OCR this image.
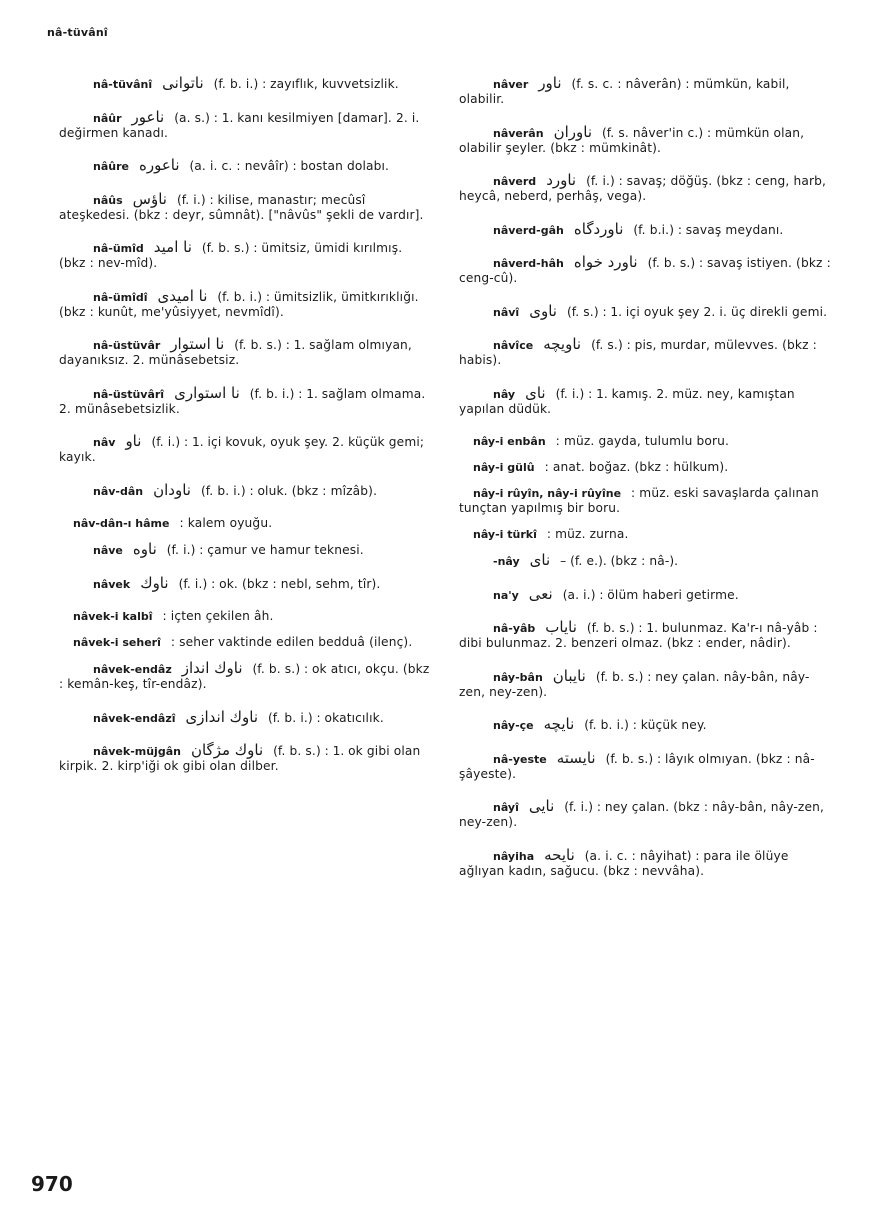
nâ-tüvânî
nâ-tüvânî ناتوانی (f. b. i.) : zayıflık, kuvvetsizlik.
nâûr ناعور (a. s.) : 1. kanı kesilmiyen [damar]. 2. i. değirmen kanadı.
nâûre ناعوره (a. i. c. : nevâîr) : bostan dolabı.
nâûs ناؤس (f. i.) : kilise, manastır; mecûsî ateşkedesi. (bkz : deyr, sûmnât). ["nâvûs" şekli de vardır].
nâ-ümîd نا امید (f. b. s.) : ümitsiz, ümidi kırılmış. (bkz : nev-mîd).
nâ-ümîdî نا امیدی (f. b. i.) : ümitsizlik, ümitkırıklığı. (bkz : kunût, me'yûsiyyet, nevmîdî).
nâ-üstüvâr نا استوار (f. b. s.) : 1. sağlam olmıyan, dayanıksız. 2. münâsebetsiz.
nâ-üstüvârî نا استواری (f. b. i.) : 1. sağlam olmama. 2. münâsebetsizlik.
nâv ناو (f. i.) : 1. içi kovuk, oyuk şey. 2. küçük gemi; kayık.
nâv-dân ناودان (f. b. i.) : oluk. (bkz : mîzâb).
nâv-dân-ı hâme : kalem oyuğu.
nâve ناوه (f. i.) : çamur ve hamur teknesi.
nâvek ناوك (f. i.) : ok. (bkz : nebl, sehm, tîr).
nâvek-i kalbî : içten çekilen âh.
nâvek-i seherî : seher vaktinde edilen bedduâ (ilenç).
nâvek-endâz ناوك انداز (f. b. s.) : ok atıcı, okçu. (bkz : kemân-keş, tîr-endâz).
nâvek-endâzî ناوك اندازی (f. b. i.) : okatıcılık.
nâvek-müjgân ناوك مژگان (f. b. s.) : 1. ok gibi olan kirpik. 2. kirp'iği ok gibi olan dilber.
nâver ناور (f. s. c. : nâverân) : mümkün, kabil, olabilir.
nâverân ناوران (f. s. nâver'in c.) : mümkün olan, olabilir şeyler. (bkz : mümkinât).
nâverd ناورد (f. i.) : savaş; döğüş. (bkz : ceng, harb, heycâ, neberd, perhâş, vega).
nâverd-gâh ناوردگاه (f. b.i.) : savaş meydanı.
nâverd-hâh ناورد خواه (f. b. s.) : savaş istiyen. (bkz : ceng-cû).
nâvî ناوی (f. s.) : 1. içi oyuk şey 2. i. üç direkli gemi.
nâvîce ناویچه (f. s.) : pis, murdar, mülevves. (bkz : habis).
nây نای (f. i.) : 1. kamış. 2. müz. ney, kamıştan yapılan düdük.
nây-i enbân : müz. gayda, tulumlu boru.
nây-i gülû : anat. boğaz. (bkz : hülkum).
nây-i rûyîn, nây-i rûyîne : müz. eski savaşlarda çalınan tunçtan yapılmış bir boru.
nây-i türkî : müz. zurna.
-nây نای – (f. e.). (bkz : nâ-).
na'y نعی (a. i.) : ölüm haberi getirme.
nâ-yâb نایاب (f. b. s.) : 1. bulunmaz. Ka'r-ı nâ-yâb : dibi bulunmaz. 2. benzeri olmaz. (bkz : ender, nâdir).
nây-bân نایبان (f. b. s.) : ney çalan. nây-bân, nây-zen, ney-zen).
nây-çe نایچه (f. b. i.) : küçük ney.
nâ-yeste نایسته (f. b. s.) : lâyık olmıyan. (bkz : nâ-şâyeste).
nâyî نایی (f. i.) : ney çalan. (bkz : nây-bân, nây-zen, ney-zen).
nâyiha نایحه (a. i. c. : nâyihat) : para ile ölüye ağlıyan kadın, sağucu. (bkz : nevvâha).
970
